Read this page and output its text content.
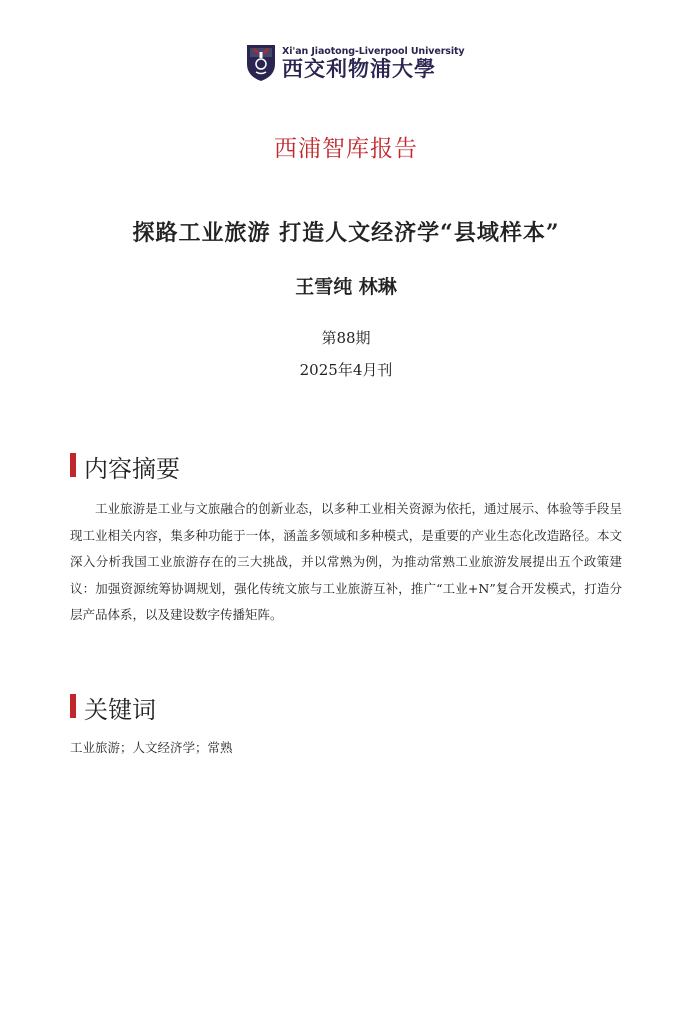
Xi'an Jiaotong-Liverpool University
西交利物浦大學
西浦智库报告
探路工业旅游 打造人文经济学“县域样本”
王雪纯 林琳
第88期
2025年4月刊
内容摘要

工业旅游是工业与文旅融合的创新业态，以多种工业相关资源为依托，通过展示、体验等手段呈现工业相关内容，集多种功能于一体，涵盖多领域和多种模式，是重要的产业生态化改造路径。本文深入分析我国工业旅游存在的三大挑战，并以常熟为例，为推动常熟工业旅游发展提出五个政策建议：加强资源统筹协调规划，强化传统文旅与工业旅游互补，推广“工业+N”复合开发模式，打造分层产品体系，以及建设数字传播矩阵。

关键词
工业旅游；人文经济学；常熟
